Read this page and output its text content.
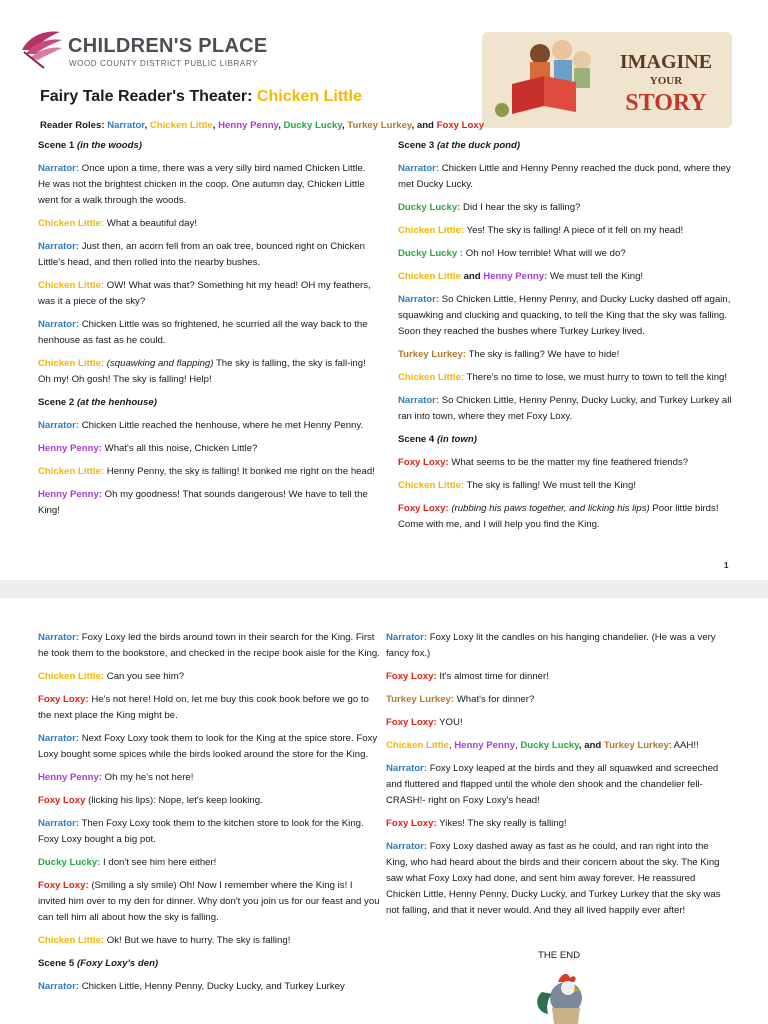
CHILDREN'S PLACE
WOOD COUNTY DISTRICT PUBLIC LIBRARY
Fairy Tale Reader's Theater: Chicken Little
IMAGINE
YOUR
STORY
Reader Roles: Narrator, Chicken Little, Henny Penny, Ducky Lucky, Turkey Lurkey, and Foxy Loxy

Scene 1 (in the woods)

Narrator: Once upon a time, there was a very silly bird named Chicken Little. He was not the brightest chicken in the coop. One autumn day, Chicken Little went for a walk through the woods.

Chicken Little: What a beautiful day!

Narrator: Just then, an acorn fell from an oak tree, bounced right on Chicken Little's head, and then rolled into the nearby bushes.

Chicken Little: OW! What was that? Something hit my head! OH my feathers, was it a piece of the sky?

Narrator: Chicken Little was so frightened, he scurried all the way back to the henhouse as fast as he could.

Chicken Little: (squawking and flapping) The sky is falling, the sky is fall-ing! Oh my! Oh gosh! The sky is falling! Help!

Scene 2 (at the henhouse)

Narrator: Chicken Little reached the henhouse, where he met Henny Penny.

Henny Penny: What's all this noise, Chicken Little?

Chicken Little: Henny Penny, the sky is falling! It bonked me right on the head!

Henny Penny: Oh my goodness! That sounds dangerous! We have to tell the King!

Scene 3 (at the duck pond)

Narrator: Chicken Little and Henny Penny reached the duck pond, where they met Ducky Lucky.

Ducky Lucky: Did I hear the sky is falling?

Chicken Little: Yes! The sky is falling! A piece of it fell on my head!

Ducky Lucky : Oh no! How terrible! What will we do?

Chicken Little and Henny Penny: We must tell the King!

Narrator: So Chicken Little, Henny Penny, and Ducky Lucky dashed off again, squawking and clucking and quacking, to tell the King that the sky was falling. Soon they reached the bushes where Turkey Lurkey lived.

Turkey Lurkey: The sky is falling? We have to hide!

Chicken Little: There's no time to lose, we must hurry to town to tell the king!

Narrator: So Chicken Little, Henny Penny, Ducky Lucky, and Turkey Lurkey all ran into town, where they met Foxy Loxy.

Scene 4 (in town)

Foxy Loxy: What seems to be the matter my fine feathered friends?

Chicken Little: The sky is falling! We must tell the King!

Foxy Loxy: (rubbing his paws together, and licking his lips) Poor little birds! Come with me, and I will help you find the King.

1

Narrator: Foxy Loxy led the birds around town in their search for the King. First he took them to the bookstore, and checked in the recipe book aisle for the King.

Chicken Little: Can you see him?

Foxy Loxy: He's not here! Hold on, let me buy this cook book before we go to the next place the King might be.

Narrator: Next Foxy Loxy took them to look for the King at the spice store. Foxy Loxy bought some spices while the birds looked around the store for the King.

Henny Penny: Oh my he's not here!

Foxy Loxy (licking his lips): Nope, let's keep looking.

Narrator: Then Foxy Loxy took them to the kitchen store to look for the King. Foxy Loxy bought a big pot.

Ducky Lucky: I don't see him here either!

Foxy Loxy: (Smiling a sly smile) Oh! Now I remember where the King is! I invited him over to my den for dinner. Why don't you join us for our feast and you can tell him all about how the sky is falling.

Chicken Little: Ok! But we have to hurry. The sky is falling!

Scene 5 (Foxy Loxy's den)

Narrator: Chicken Little, Henny Penny, Ducky Lucky, and Turkey Lurkey

Narrator: Foxy Loxy lit the candles on his hanging chandelier. (He was a very fancy fox.)

Foxy Loxy: It's almost time for dinner!

Turkey Lurkey: What's for dinner?

Foxy Loxy: YOU!

Chicken Little, Henny Penny, Ducky Lucky, and Turkey Lurkey: AAH!!

Narrator: Foxy Loxy leaped at the birds and they all squawked and screeched and fluttered and flapped until the whole den shook and the chandelier fell- CRASH!- right on Foxy Loxy's head!

Foxy Loxy: Yikes! The sky really is falling!

Narrator: Foxy Loxy dashed away as fast as he could, and ran right into the King, who had heard about the birds and their concern about the sky. The King saw what Foxy Loxy had done, and sent him away forever. He reassured Chicken Little, Henny Penny, Ducky Lucky, and Turkey Lurkey that the sky was not falling, and that it never would. And they all lived happily ever after!

THE END
